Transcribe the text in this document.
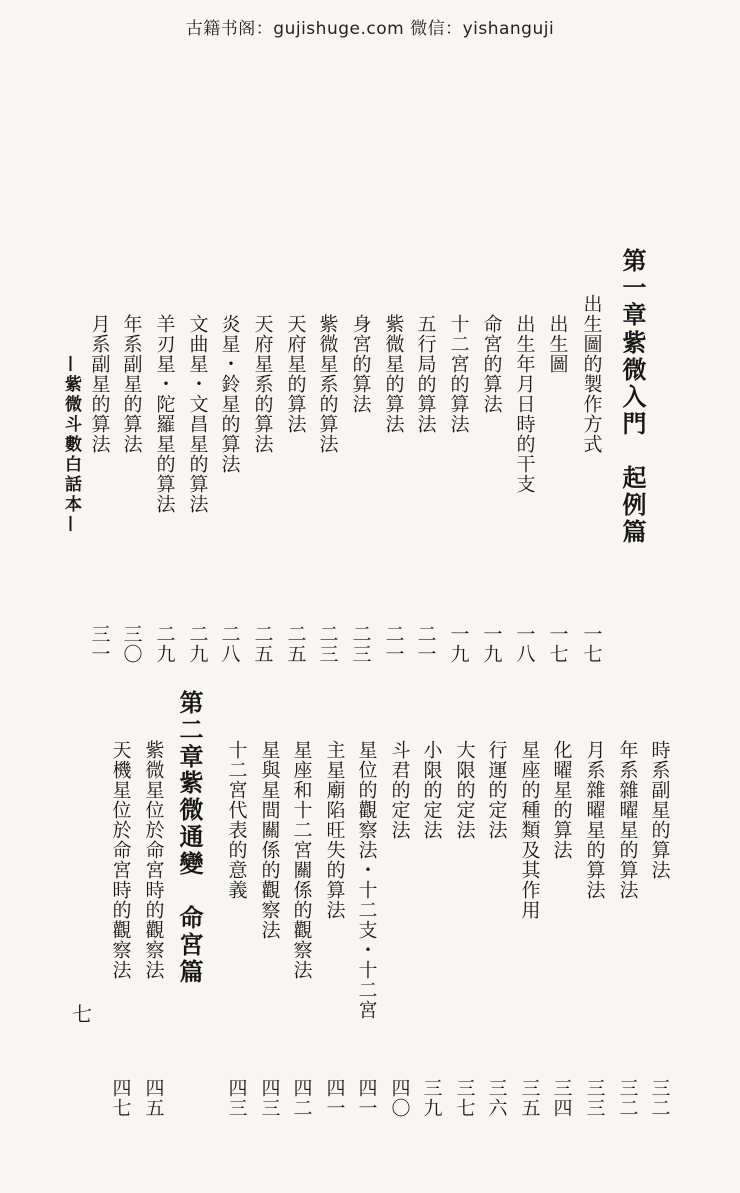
古籍书阁：gujishuge.com 微信：yishanguji
第一章
紫微入門　起例篇
出生圖的製作方式
一七
出生圖
一七
出生年月日時的干支
一八
命宮的算法
一九
十二宮的算法
一九
五行局的算法
二一
紫微星的算法
二一
身宮的算法
二三
紫微星系的算法
二三
天府星的算法
二五
天府星系的算法
二五
炎星・鈴星的算法
二八
文曲星・文昌星的算法
二九
羊刃星・陀羅星的算法
二九
年系副星的算法
三〇
月系副星的算法
三一
時系副星的算法
三二
年系雜曜星的算法
三二
月系雜曜星的算法
三三
化曜星的算法
三四
星座的種類及其作用
三五
行運的定法
三六
大限的定法
三七
小限的定法
三九
斗君的定法
四〇
星位的觀察法・十二支・十二宮
四一
主星廟陷旺失的算法
四一
星座和十二宮關係的觀察法
四二
星與星間關係的觀察法
四三
十二宮代表的意義
四三
第二章
紫微通變　命宮篇
紫微星位於命宮時的觀察法
四五
天機星位於命宮時的觀察法
四七
—紫微斗數白話本—
七
